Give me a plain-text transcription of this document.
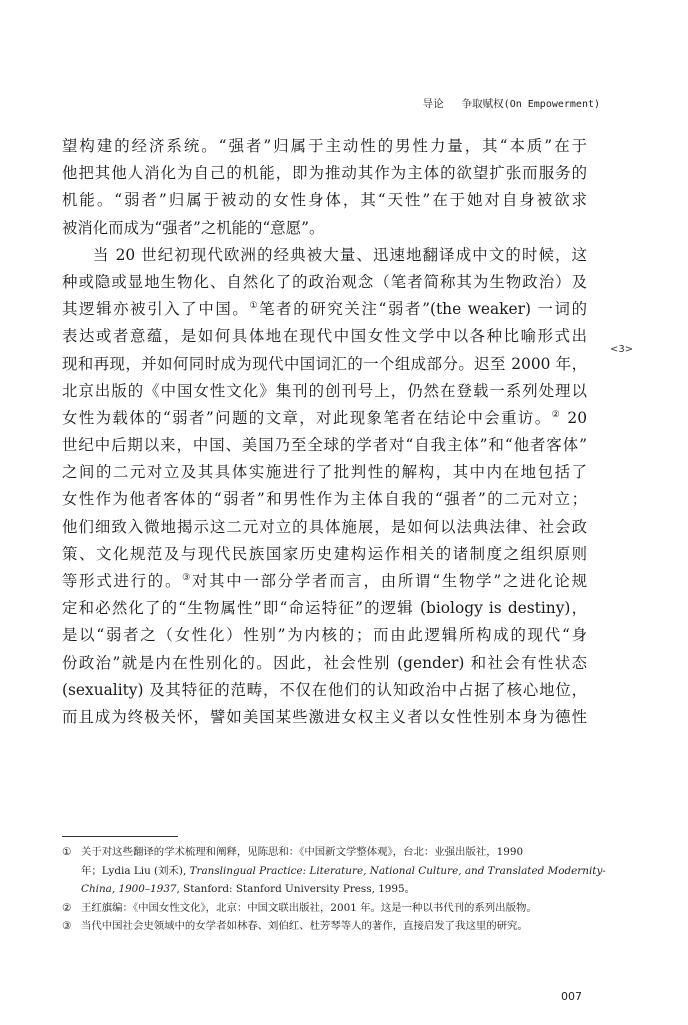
导论 争取赋权(On Empowerment)
<3>
望构建的经济系统。“强者”归属于主动性的男性力量，其“本质”在于
他把其他人消化为自己的机能，即为推动其作为主体的欲望扩张而服务的
机能。“弱者”归属于被动的女性身体，其“天性”在于她对自身被欲求
被消化而成为“强者”之机能的“意愿”。
当 20 世纪初现代欧洲的经典被大量、迅速地翻译成中文的时候，这
种或隐或显地生物化、自然化了的政治观念（笔者简称其为生物政治）及
其逻辑亦被引入了中国。①笔者的研究关注“弱者”(the weaker) 一词的
表达或者意蕴，是如何具体地在现代中国女性文学中以各种比喻形式出
现和再现，并如何同时成为现代中国词汇的一个组成部分。迟至 2000 年，
北京出版的《中国女性文化》集刊的创刊号上，仍然在登载一系列处理以
女性为载体的“弱者”问题的文章，对此现象笔者在结论中会重访。② 20
世纪中后期以来，中国、美国乃至全球的学者对“自我主体”和“他者客体”
之间的二元对立及其具体实施进行了批判性的解构，其中内在地包括了
女性作为他者客体的“弱者”和男性作为主体自我的“强者”的二元对立；
他们细致入微地揭示这二元对立的具体施展，是如何以法典法律、社会政
策、文化规范及与现代民族国家历史建构运作相关的诸制度之组织原则
等形式进行的。③对其中一部分学者而言，由所谓“生物学”之进化论规
定和必然化了的“生物属性”即“命运特征”的逻辑 (biology is destiny)，
是以“弱者之（女性化）性别”为内核的；而由此逻辑所构成的现代“身
份政治”就是内在性别化的。因此，社会性别 (gender) 和社会有性状态
(sexuality) 及其特征的范畴，不仅在他们的认知政治中占据了核心地位，
而且成为终极关怀，譬如美国某些激进女权主义者以女性性别本身为德性
① 关于对这些翻译的学术梳理和阐释，见陈思和：《中国新文学整体观》，台北：业强出版社，1990
年；Lydia Liu (刘禾), Translingual Practice: Literature, National Culture, and Translated Modernity-
China, 1900–1937, Stanford: Stanford University Press, 1995。
② 王红旗编：《中国女性文化》，北京：中国文联出版社，2001 年。这是一种以书代刊的系列出版物。
③ 当代中国社会史领域中的女学者如林春、刘伯红、杜芳琴等人的著作，直接启发了我这里的研究。
007
